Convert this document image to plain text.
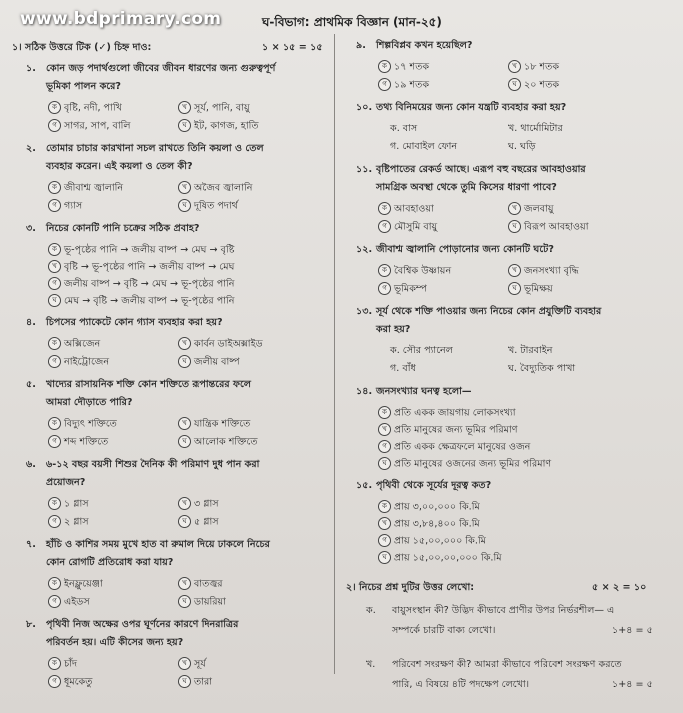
www.bdprimary.com	ঘ-বিভাগ: প্রাথমিক বিজ্ঞান (মান-২৫)
১। সঠিক উত্তরে টিক (✓) চিহ্ন দাও:	১ × ১৫ = ১৫
১. কোন জড় পদার্থগুলো জীবের জীবন ধারণের জন্য গুরুত্বপূর্ণ
ভূমিকা পালন করে?
ক বৃষ্টি, নদী, পাখি	খ সূর্য, পানি, বায়ু
গ সাগর, সাপ, বালি	ঘ ইট, কাগজ, হাতি
২. তোমার চাচার কারখানা সচল রাখতে তিনি কয়লা ও তেল
ব্যবহার করেন। এই কয়লা ও তেল কী?
ক জীবাশ্ম জ্বালানি	খ অজৈব জ্বালানি
গ গ্যাস	ঘ দূষিত পদার্থ
৩. নিচের কোনটি পানি চক্রের সঠিক প্রবাহ?
ক ভূ-পৃষ্ঠের পানি → জলীয় বাষ্প → মেঘ → বৃষ্টি
খ বৃষ্টি → ভূ-পৃষ্ঠের পানি → জলীয় বাষ্প → মেঘ
গ জলীয় বাষ্প → বৃষ্টি → মেঘ → ভূ-পৃষ্ঠের পানি
ঘ মেঘ → বৃষ্টি → জলীয় বাষ্প → ভূ-পৃষ্ঠের পানি
৪. চিপসের প্যাকেটে কোন গ্যাস ব্যবহার করা হয়?
ক অক্সিজেন	খ কার্বন ডাইঅক্সাইড
গ নাইট্রোজেন	ঘ জলীয় বাষ্প
৫. খাদ্যের রাসায়নিক শক্তি কোন শক্তিতে রূপান্তরের ফলে
আমরা দৌড়াতে পারি?
ক বিদ্যুৎ শক্তিতে	খ যান্ত্রিক শক্তিতে
গ শব্দ শক্তিতে	ঘ আলোক শক্তিতে
৬. ৬-১২ বছর বয়সী শিশুর দৈনিক কী পরিমাণ দুধ পান করা
প্রয়োজন?
ক ১ গ্লাস	খ ৩ গ্লাস
গ ২ গ্লাস	ঘ ৫ গ্লাস
৭. হাঁচি ও কাশির সময় মুখে হাত বা রুমাল দিয়ে ঢাকলে নিচের
কোন রোগটি প্রতিরোধ করা যায়?
ক ইনফ্লুয়েঞ্জা	খ বাতজ্বর
গ এইডস	ঘ ডায়রিয়া
৮. পৃথিবী নিজ অক্ষের ওপর ঘূর্ণনের কারণে দিনরাত্রির
পরিবর্তন হয়। এটি কীসের জন্য হয়?
ক চাঁদ	খ সূর্য
গ ধূমকেতু	ঘ তারা
৯. শিল্পবিপ্লব কখন হয়েছিল?
ক ১৭ শতক	খ ১৮ শতক
গ ১৯ শতক	ঘ ২০ শতক
১০. তথ্য বিনিময়ের জন্য কোন যন্ত্রটি ব্যবহার করা হয়?
ক. বাস	খ. থার্মোমিটার
গ. মোবাইল ফোন	ঘ. ঘড়ি
১১. বৃষ্টিপাতের রেকর্ড আছে। এরূপ বহু বছরের আবহাওয়ার
সামগ্রিক অবস্থা থেকে তুমি কিসের ধারণা পাবে?
ক আবহাওয়া	খ জলবায়ু
গ মৌসুমি বায়ু	ঘ বিরূপ আবহাওয়া
১২. জীবাশ্ম জ্বালানি পোড়ানোর জন্য কোনটি ঘটে?
ক বৈশ্বিক উষ্ণায়ন	খ জনসংখ্যা বৃদ্ধি
গ ভূমিকম্প	ঘ ভূমিক্ষয়
১৩. সূর্য থেকে শক্তি পাওয়ার জন্য নিচের কোন প্রযুক্তিটি ব্যবহার
করা হয়?
ক. সৌর প্যানেল	খ. টারবাইন
গ. বাঁধ	ঘ. বৈদ্যুতিক পাখা
১৪. জনসংখ্যার ঘনত্ব হলো—
ক প্রতি একক জায়গায় লোকসংখ্যা
খ প্রতি মানুষের জন্য ভূমির পরিমাণ
গ প্রতি একক ক্ষেত্রফলে মানুষের ওজন
ঘ প্রতি মানুষের ওজনের জন্য ভূমির পরিমাণ
১৫. পৃথিবী থেকে সূর্যের দূরত্ব কত?
ক প্রায় ৩,০০,০০০ কি.মি
খ প্রায় ৩,৮৪,৪০০ কি.মি
গ প্রায় ১৫,০০,০০০ কি.মি
ঘ প্রায় ১৫,০০,০০,০০০ কি.মি
২। নিচের প্রশ্ন দুটির উত্তর লেখো:	৫ × ২ = ১০
ক. বায়ুসংস্থান কী? উদ্ভিদ কীভাবে প্রাণীর উপর নির্ভরশীল— এ
সম্পর্কে চারটি বাক্য লেখো।	১+৪ = ৫
খ. পরিবেশ সংরক্ষণ কী? আমরা কীভাবে পরিবেশ সংরক্ষণ করতে
পারি, এ বিষয়ে ৪টি পদক্ষেপ লেখো।	১+৪ = ৫
